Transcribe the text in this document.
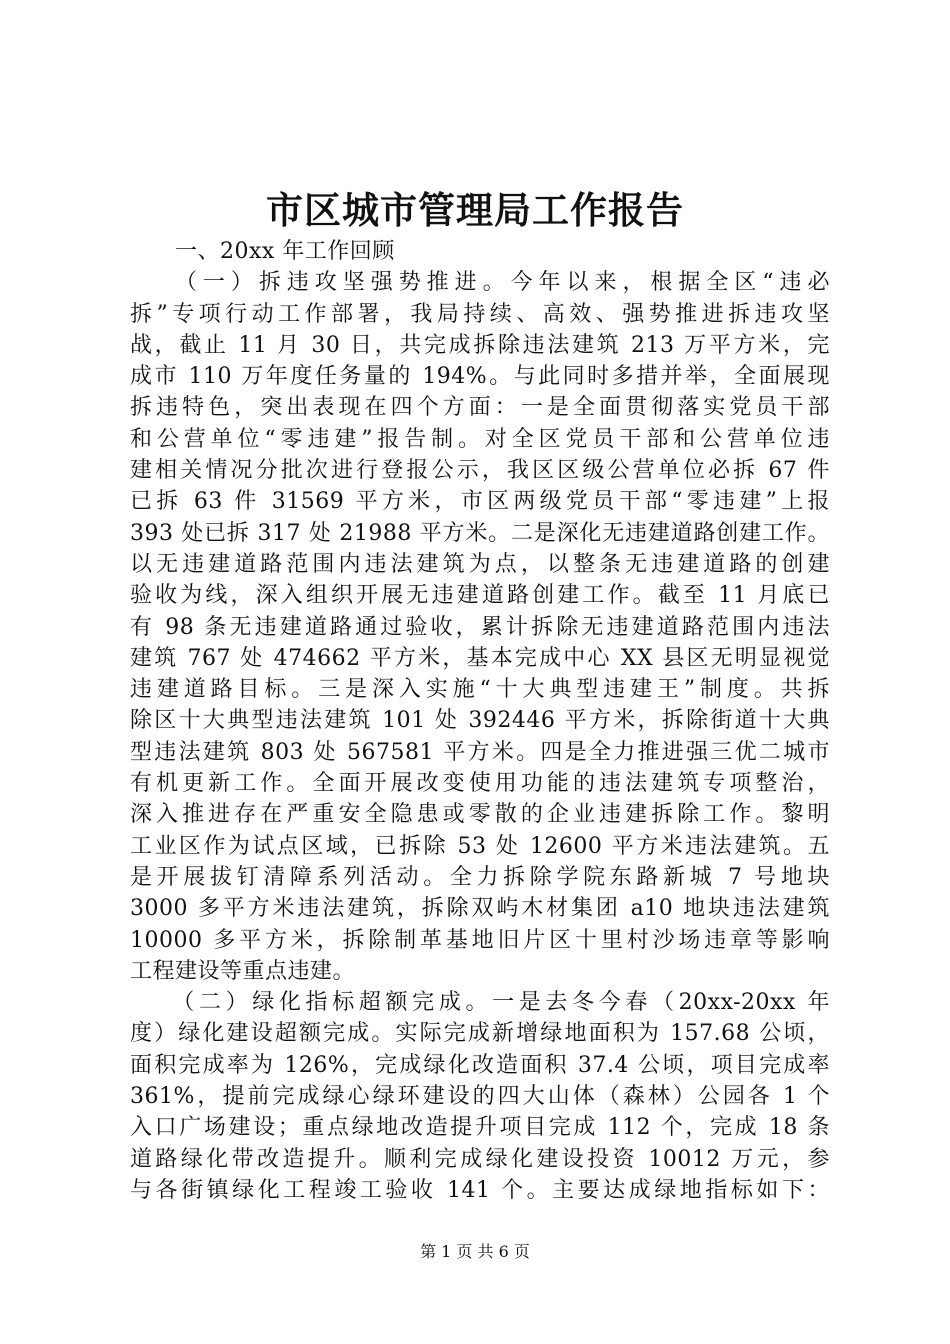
市区城市管理局工作报告
　　一、20xx 年工作回顾
　　（一）拆违攻坚强势推进。今年以来，根据全区“违必
拆”专项行动工作部署，我局持续、高效、强势推进拆违攻坚
战，截止 11 月 30 日，共完成拆除违法建筑 213 万平方米，完
成市 110 万年度任务量的 194%。与此同时多措并举，全面展现
拆违特色，突出表现在四个方面：一是全面贯彻落实党员干部
和公营单位“零违建”报告制。对全区党员干部和公营单位违
建相关情况分批次进行登报公示，我区区级公营单位必拆 67 件
已拆 63 件 31569 平方米，市区两级党员干部“零违建”上报
393 处已拆 317 处 21988 平方米。二是深化无违建道路创建工作。
以无违建道路范围内违法建筑为点，以整条无违建道路的创建
验收为线，深入组织开展无违建道路创建工作。截至 11 月底已
有 98 条无违建道路通过验收，累计拆除无违建道路范围内违法
建筑 767 处 474662 平方米，基本完成中心 XX 县区无明显视觉
违建道路目标。三是深入实施“十大典型违建王”制度。共拆
除区十大典型违法建筑 101 处 392446 平方米，拆除街道十大典
型违法建筑 803 处 567581 平方米。四是全力推进强三优二城市
有机更新工作。全面开展改变使用功能的违法建筑专项整治，
深入推进存在严重安全隐患或零散的企业违建拆除工作。黎明
工业区作为试点区域，已拆除 53 处 12600 平方米违法建筑。五
是开展拔钉清障系列活动。全力拆除学院东路新城 7 号地块
3000 多平方米违法建筑，拆除双屿木材集团 a10 地块违法建筑
10000 多平方米，拆除制革基地旧片区十里村沙场违章等影响
工程建设等重点违建。
　　（二）绿化指标超额完成。一是去冬今春（20xx-20xx 年
度）绿化建设超额完成。实际完成新增绿地面积为 157.68 公顷，
面积完成率为 126%，完成绿化改造面积 37.4 公顷，项目完成率
361%，提前完成绿心绿环建设的四大山体（森林）公园各 1 个
入口广场建设；重点绿地改造提升项目完成 112 个，完成 18 条
道路绿化带改造提升。顺利完成绿化建设投资 10012 万元，参
与各街镇绿化工程竣工验收 141 个。主要达成绿地指标如下：
第 1 页 共 6 页
